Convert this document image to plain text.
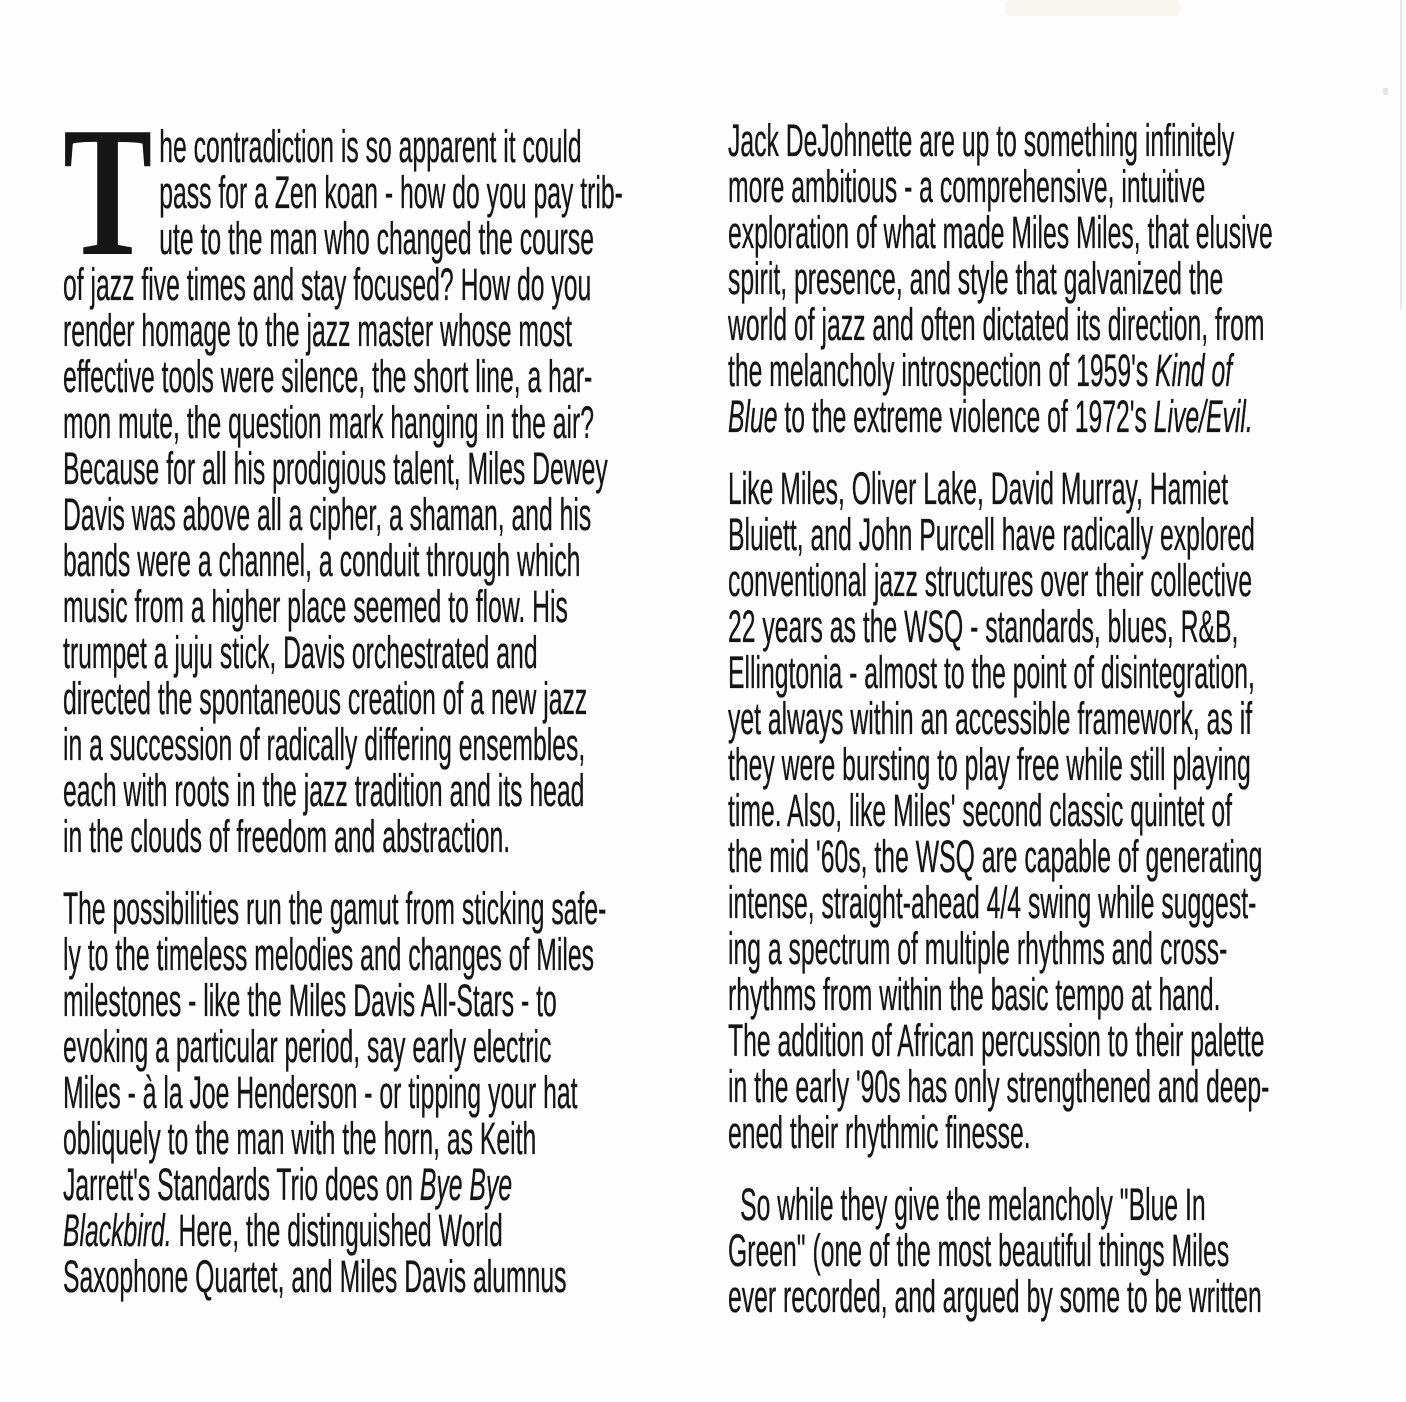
T he contradiction is so apparent it could
pass for a Zen koan - how do you pay trib-
ute to the man who changed the course
of jazz five times and stay focused? How do you
render homage to the jazz master whose most
effective tools were silence, the short line, a har-
mon mute, the question mark hanging in the air?
Because for all his prodigious talent, Miles Dewey
Davis was above all a cipher, a shaman, and his
bands were a channel, a conduit through which
music from a higher place seemed to flow. His
trumpet a juju stick, Davis orchestrated and
directed the spontaneous creation of a new jazz
in a succession of radically differing ensembles,
each with roots in the jazz tradition and its head
in the clouds of freedom and abstraction.
The possibilities run the gamut from sticking safe-
ly to the timeless melodies and changes of Miles
milestones - like the Miles Davis All-Stars - to
evoking a particular period, say early electric
Miles - à la Joe Henderson - or tipping your hat
obliquely to the man with the horn, as Keith
Jarrett's Standards Trio does on Bye Bye
Blackbird. Here, the distinguished World
Saxophone Quartet, and Miles Davis alumnus
Jack DeJohnette are up to something infinitely
more ambitious - a comprehensive, intuitive
exploration of what made Miles Miles, that elusive
spirit, presence, and style that galvanized the
world of jazz and often dictated its direction, from
the melancholy introspection of 1959's Kind of
Blue to the extreme violence of 1972's Live/Evil.
Like Miles, Oliver Lake, David Murray, Hamiet
Bluiett, and John Purcell have radically explored
conventional jazz structures over their collective
22 years as the WSQ - standards, blues, R&B,
Ellingtonia - almost to the point of disintegration,
yet always within an accessible framework, as if
they were bursting to play free while still playing
time. Also, like Miles' second classic quintet of
the mid '60s, the WSQ are capable of generating
intense, straight-ahead 4/4 swing while suggest-
ing a spectrum of multiple rhythms and cross-
rhythms from within the basic tempo at hand.
The addition of African percussion to their palette
in the early '90s has only strengthened and deep-
ened their rhythmic finesse.
So while they give the melancholy "Blue In
Green" (one of the most beautiful things Miles
ever recorded, and argued by some to be written
